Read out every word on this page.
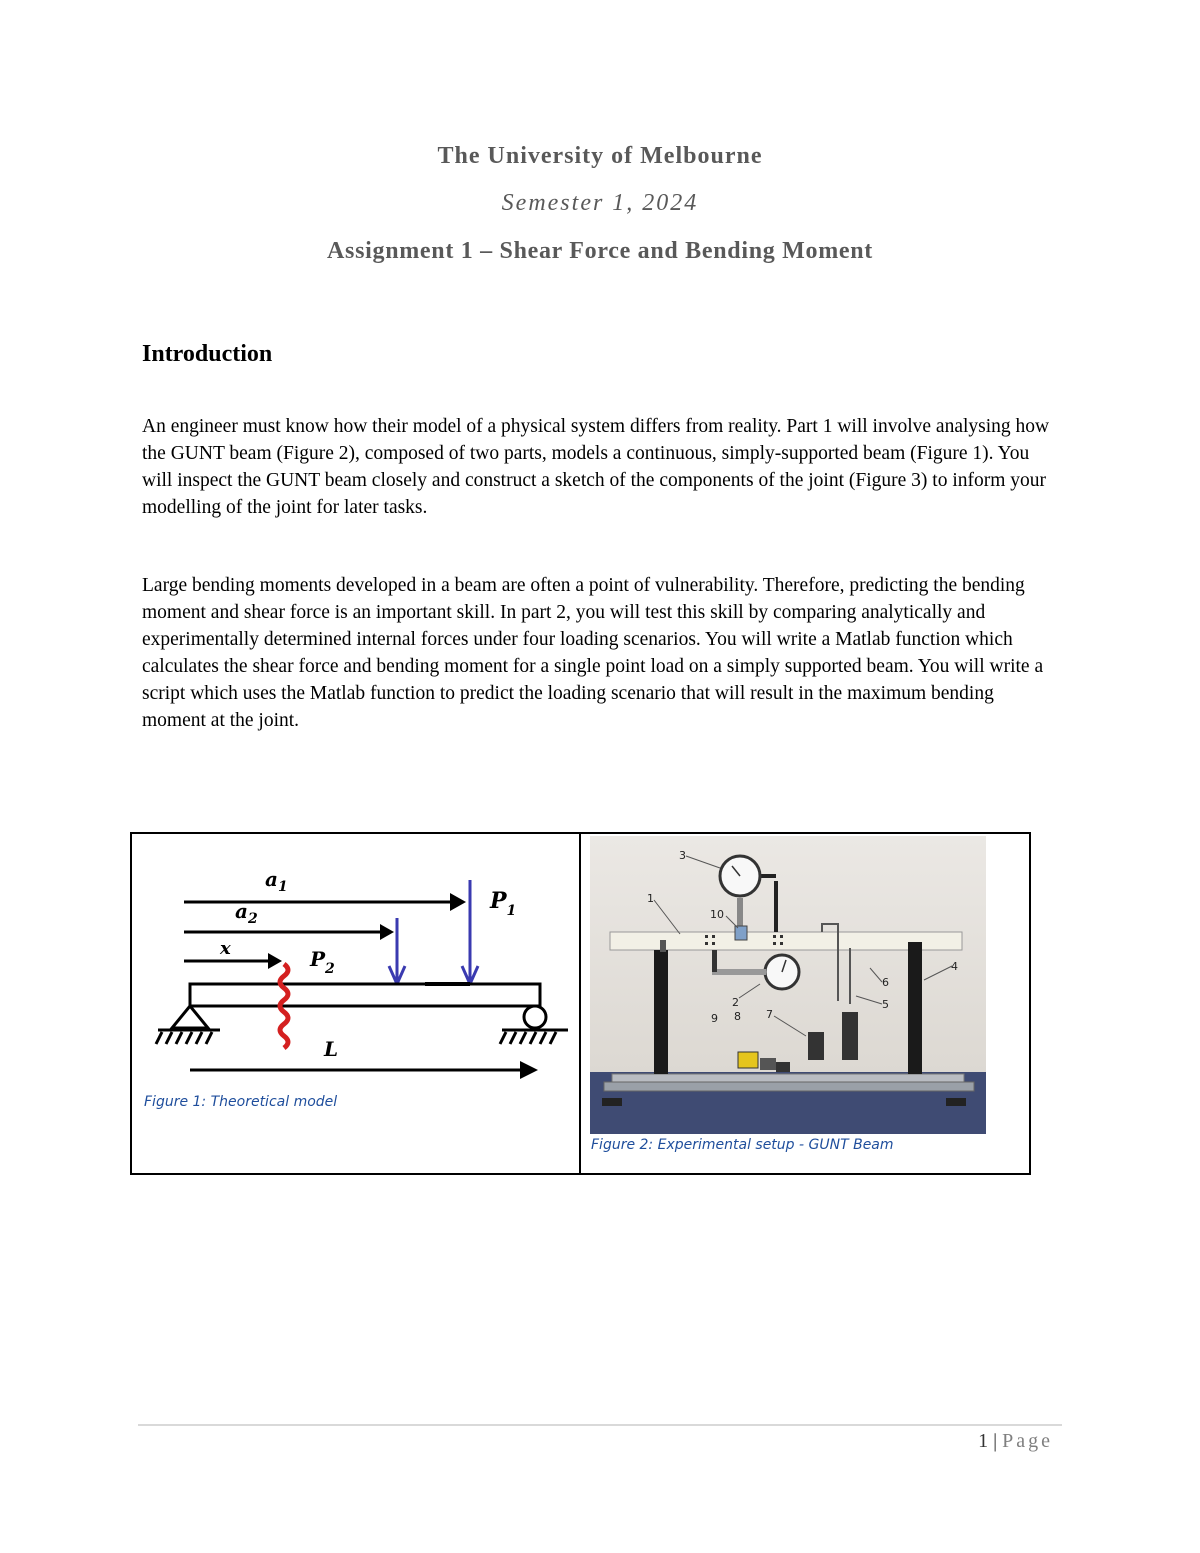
The University of Melbourne
Semester 1, 2024
Assignment 1 – Shear Force and Bending Moment
Introduction

An engineer must know how their model of a physical system differs from reality. Part 1 will involve analysing how the GUNT beam (Figure 2), composed of two parts, models a continuous, simply-supported beam (Figure 1). You will inspect the GUNT beam closely and construct a sketch of the components of the joint (Figure 3) to inform your modelling of the joint for later tasks.

Large bending moments developed in a beam are often a point of vulnerability. Therefore, predicting the bending moment and shear force is an important skill. In part 2, you will test this skill by comparing analytically and experimentally determined internal forces under four loading scenarios. You will write a Matlab function which calculates the shear force and bending moment for a single point load on a simply supported beam. You will write a script which uses the Matlab function to predict the loading scenario that will result in the maximum bending moment at the joint.

$a_1$
$a_2$
x
$P_1$
$P_2$
L
Figure 1: Theoretical model
3
1
10
4
6
5
2
8
9	7
Figure 2: Experimental setup - GUNT Beam
1 | Page
